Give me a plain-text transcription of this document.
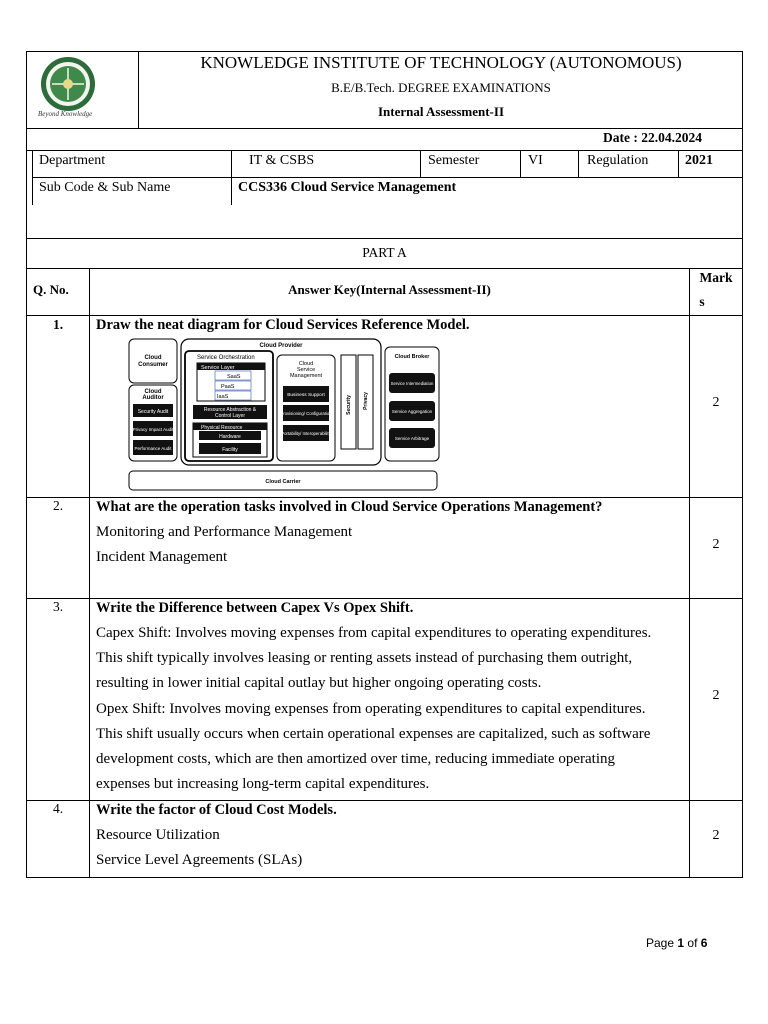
Beyond Knowledge
KNOWLEDGE INSTITUTE OF TECHNOLOGY (AUTONOMOUS)
B.E/B.Tech. DEGREE EXAMINATIONS
Internal Assessment-II
Date : 22.04.2024
Department	IT & CSBS	Semester	VI	Regulation	2021
Sub Code & Sub Name	CCS336 Cloud Service Management
PART A
Q. No.	Answer Key(Internal Assessment-II)
Mark
s
1.	Draw the neat diagram for Cloud Services Reference Model.
2
Cloud Provider
Cloud Consumer
Cloud Auditor
Security Audit
Privacy Impact Audit
Performance Audit
Service Orchestration
Service Layer
SaaS
PaaS
IaaS
Resource Abstraction & Control Layer
Physical Resource
Hardware
Facility
Cloud Service Management
Business Support
Provisioning/ Configuration
Portability/ Interoperability
Security Privacy
Cloud Broker
Service Intermediation
Service Aggregation
Service Arbitrage
Cloud Carrier
2.	What are the operation tasks involved in Cloud Service Operations Management?
Monitoring and Performance Management
Incident Management
2
3.	Write the Difference between Capex Vs Opex Shift.
Capex Shift: Involves moving expenses from capital expenditures to operating expenditures.
This shift typically involves leasing or renting assets instead of purchasing them outright,
resulting in lower initial capital outlay but higher ongoing operating costs.
Opex Shift: Involves moving expenses from operating expenditures to capital expenditures.
This shift usually occurs when certain operational expenses are capitalized, such as software
development costs, which are then amortized over time, reducing immediate operating
expenses but increasing long-term capital expenditures.
2
4.	Write the factor of Cloud Cost Models.
Resource Utilization
Service Level Agreements (SLAs)
2
Page 1 of 6
